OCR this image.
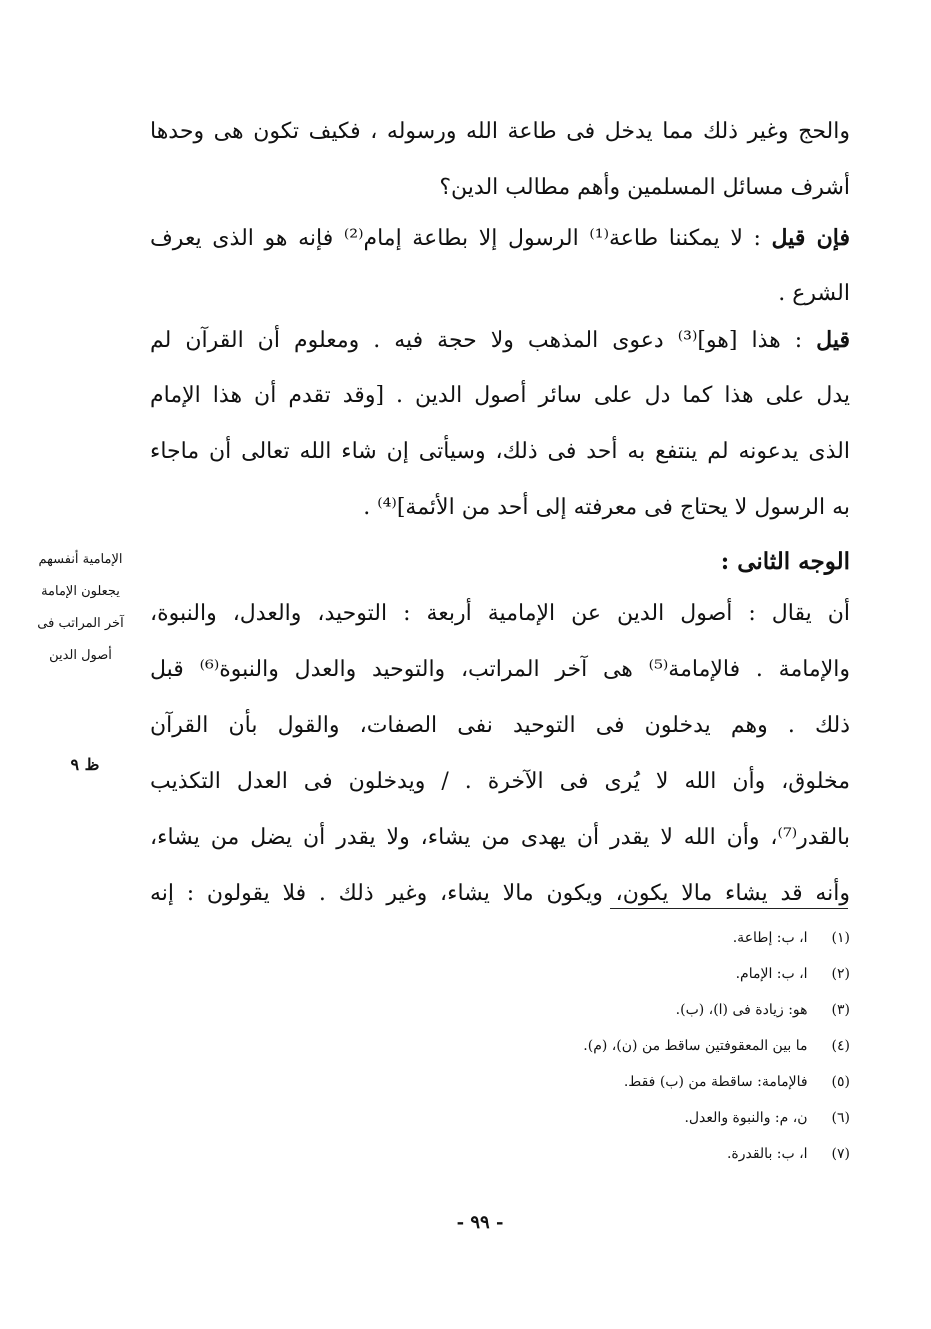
والحج وغير ذلك مما يدخل فى طاعة الله ورسوله ، فكيف تكون هى وحدها
أشرف مسائل المسلمين وأهم مطالب الدين؟
فإن قيل : لا يمكننا طاعة⁽¹⁾ الرسول إلا بطاعة إمام⁽²⁾ فإنه هو الذى يعرف
الشرع .
قيل : هذا [هو]⁽³⁾ دعوى المذهب ولا حجة فيه . ومعلوم أن القرآن لم
يدل على هذا كما دل على سائر أصول الدين . [وقد تقدم أن هذا الإمام
الذى يدعونه لم ينتفع به أحد فى ذلك، وسيأتى إن شاء الله تعالى أن ماجاء
به الرسول لا يحتاج فى معرفته إلى أحد من الأئمة]⁽⁴⁾ .
الوجه الثانى :
أن يقال : أصول الدين عن الإمامية أربعة : التوحيد، والعدل، والنبوة،
والإمامة . فالإمامة⁽⁵⁾ هى آخر المراتب، والتوحيد والعدل والنبوة⁽⁶⁾ قبل
ذلك . وهم يدخلون فى التوحيد نفى الصفات، والقول بأن القرآن
مخلوق، وأن الله لا يُرى فى الآخرة . / ويدخلون فى العدل التكذيب
بالقدر⁽⁷⁾، وأن الله لا يقدر أن يهدى من يشاء، ولا يقدر أن يضل من يشاء،
وأنه قد يشاء مالا يكون، ويكون مالا يشاء، وغير ذلك . فلا يقولون : إنه
الإمامية أنفسهم
يجعلون الإمامة
آخر المراتب فى
أصول الدين
ظ ٩
(١) ا، ب: إطاعة.
(٢) ا، ب: الإمام.
(٣) هو: زيادة فى (ا)، (ب).
(٤) ما بين المعقوفتين ساقط من (ن)، (م).
(٥) فالإمامة: ساقطة من (ب) فقط.
(٦) ن، م: والنبوة والعدل.
(٧) ا، ب: بالقدرة.
- ٩٩ -
